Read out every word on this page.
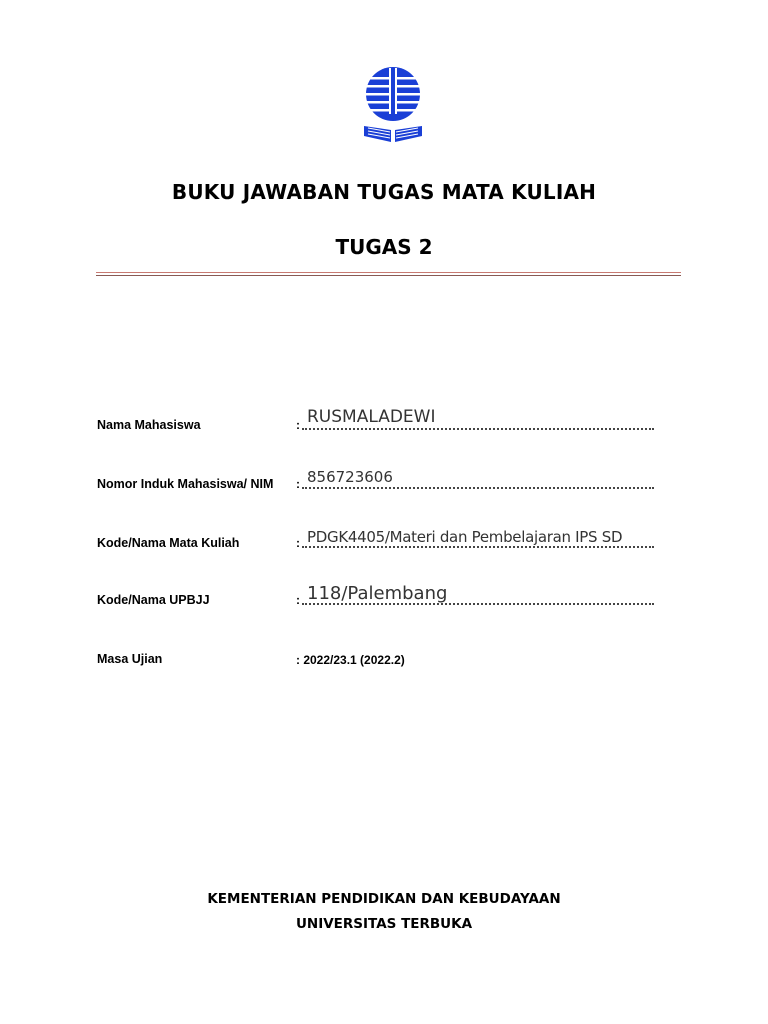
BUKU JAWABAN TUGAS MATA KULIAH
TUGAS 2
Nama Mahasiswa	: RUSMALADEWI
Nomor Induk Mahasiswa/ NIM : 856723606
Kode/Nama Mata Kuliah	: PDGK4405/Materi dan Pembelajaran IPS SD
Kode/Nama UPBJJ	: 118/Palembang
Masa Ujian	: 2022/23.1 (2022.2)
KEMENTERIAN PENDIDIKAN DAN KEBUDAYAAN
UNIVERSITAS TERBUKA
